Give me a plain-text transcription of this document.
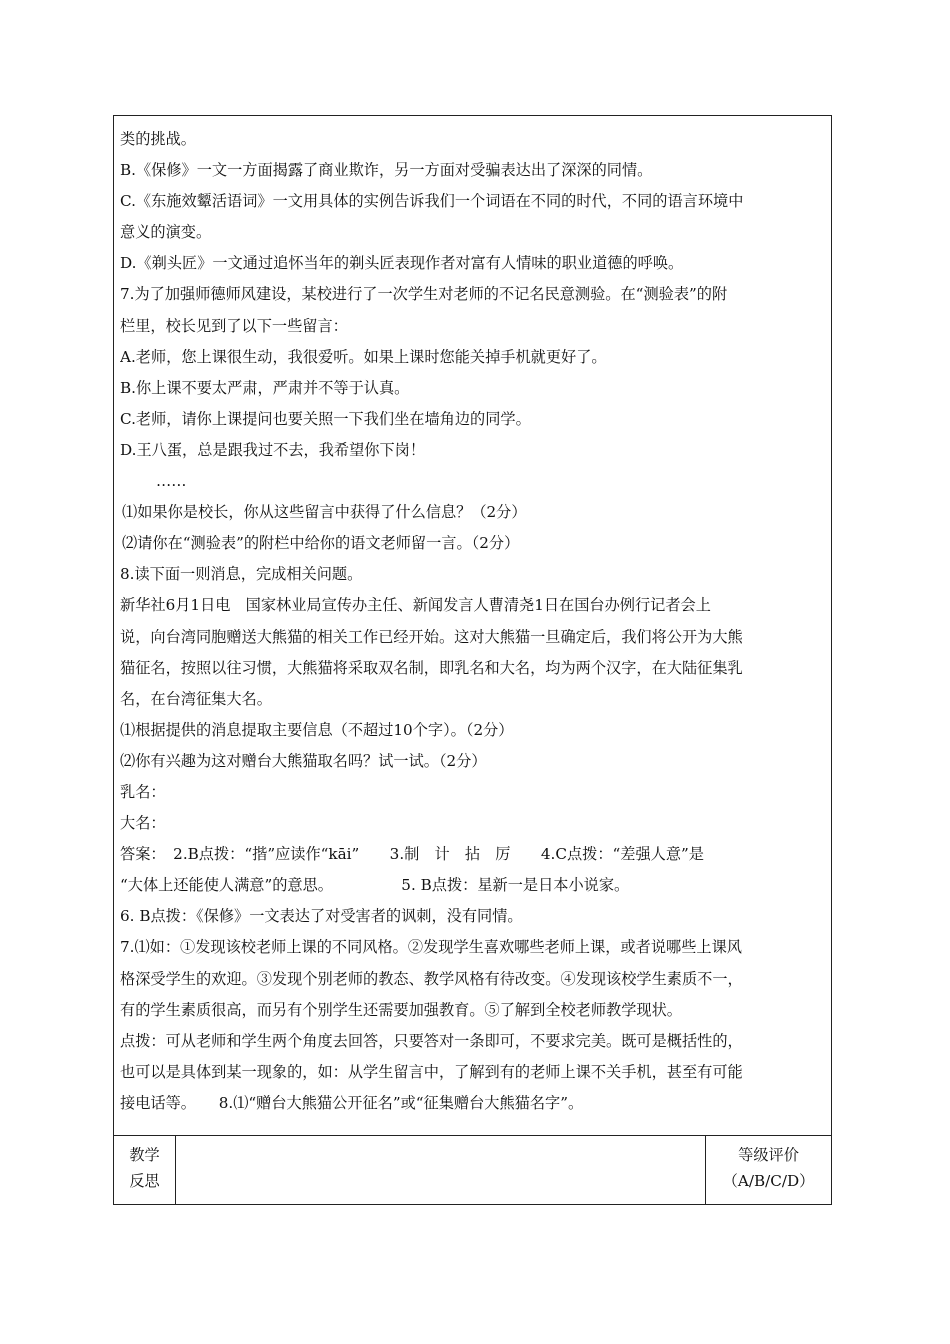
类的挑战。
B.《保修》一文一方面揭露了商业欺诈，另一方面对受骗表达出了深深的同情。
C.《东施效颦活语词》一文用具体的实例告诉我们一个词语在不同的时代，不同的语言环境中
意义的演变。
D.《剃头匠》一文通过追怀当年的剃头匠表现作者对富有人情味的职业道德的呼唤。
7.为了加强师德师风建设，某校进行了一次学生对老师的不记名民意测验。在“测验表”的附
栏里，校长见到了以下一些留言：
A.老师，您上课很生动，我很爱听。如果上课时您能关掉手机就更好了。
B.你上课不要太严肃，严肃并不等于认真。
C.老师，请你上课提问也要关照一下我们坐在墙角边的同学。
D.王八蛋，总是跟我过不去，我希望你下岗！
……
⑴如果你是校长，你从这些留言中获得了什么信息？（2分）
⑵请你在“测验表”的附栏中给你的语文老师留一言。（2分）
8.读下面一则消息，完成相关问题。
新华社6月1日电　国家林业局宣传办主任、新闻发言人曹清尧1日在国台办例行记者会上
说，向台湾同胞赠送大熊猫的相关工作已经开始。这对大熊猫一旦确定后，我们将公开为大熊
猫征名，按照以往习惯，大熊猫将采取双名制，即乳名和大名，均为两个汉字，在大陆征集乳
名，在台湾征集大名。
⑴根据提供的消息提取主要信息（不超过10个字）。（2分）
⑵你有兴趣为这对赠台大熊猫取名吗？试一试。（2分）
乳名：
大名：
答案：　2.B点拨：“揩”应读作“kāi”　　3.制　计　拈　厉　　4.C点拨：“差强人意”是
“大体上还能使人满意”的意思。　　　　　5. B点拨：星新一是日本小说家。
6. B点拨：《保修》一文表达了对受害者的讽刺，没有同情。
7.⑴如：①发现该校老师上课的不同风格。②发现学生喜欢哪些老师上课，或者说哪些上课风
格深受学生的欢迎。③发现个别老师的教态、教学风格有待改变。④发现该校学生素质不一，
有的学生素质很高，而另有个别学生还需要加强教育。⑤了解到全校老师教学现状。
点拨：可从老师和学生两个角度去回答，只要答对一条即可，不要求完美。既可是概括性的，
也可以是具体到某一现象的，如：从学生留言中，了解到有的老师上课不关手机，甚至有可能
接电话等。　　8.⑴“赠台大熊猫公开征名”或“征集赠台大熊猫名字”。
教学
反思
等级评价
（A/B/C/D）
